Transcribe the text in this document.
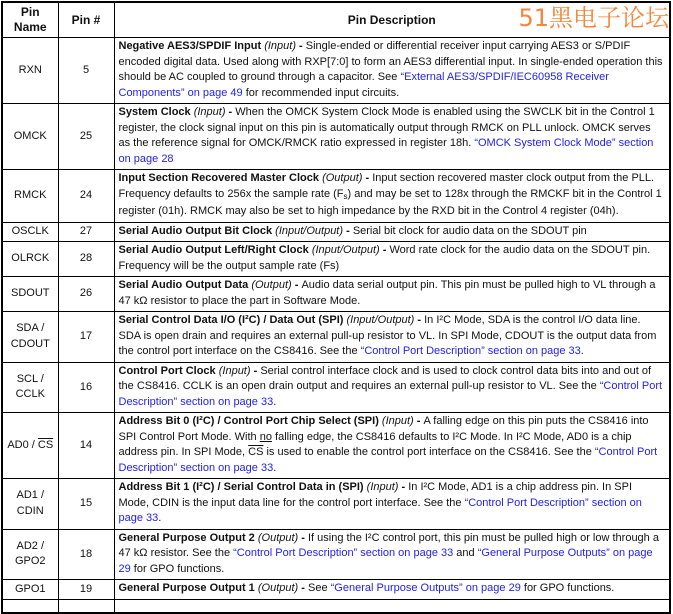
Pin
Name	Pin #	Pin Description
RXN	5	Negative AES3/SPDIF Input (Input) - Single-ended or differential receiver input carrying AES3 or S/PDIF encoded digital data. Used along with RXP[7:0] to form an AES3 differential input. In single-ended operation this should be AC coupled to ground through a capacitor. See “External AES3/SPDIF/IEC60958 Receiver Components” on page 49 for recommended input circuits.
OMCK	25	System Clock (Input) - When the OMCK System Clock Mode is enabled using the SWCLK bit in the Control 1 register, the clock signal input on this pin is automatically output through RMCK on PLL unlock. OMCK serves as the reference signal for OMCK/RMCK ratio expressed in register 18h. “OMCK System Clock Mode” section on page 28
RMCK	24	Input Section Recovered Master Clock (Output) - Input section recovered master clock output from the PLL. Frequency defaults to 256x the sample rate (Fs) and may be set to 128x through the RMCKF bit in the Control 1 register (01h). RMCK may also be set to high impedance by the RXD bit in the Control 4 register (04h).
OSCLK	27	Serial Audio Output Bit Clock (Input/Output) - Serial bit clock for audio data on the SDOUT pin
OLRCK	28	Serial Audio Output Left/Right Clock (Input/Output) - Word rate clock for the audio data on the SDOUT pin. Frequency will be the output sample rate (Fs)
SDOUT	26	Serial Audio Output Data (Output) - Audio data serial output pin. This pin must be pulled high to VL through a 47 kΩ resistor to place the part in Software Mode.
SDA /
CDOUT	17	Serial Control Data I/O (I²C) / Data Out (SPI) (Input/Output) - In I²C Mode, SDA is the control I/O data line. SDA is open drain and requires an external pull-up resistor to VL. In SPI Mode, CDOUT is the output data from the control port interface on the CS8416. See the “Control Port Description” section on page 33.
SCL /
CCLK	16	Control Port Clock (Input) - Serial control interface clock and is used to clock control data bits into and out of the CS8416. CCLK is an open drain output and requires an external pull-up resistor to VL. See the “Control Port Description” section on page 33.
$AD0 / \overline{CS}$	14	Address Bit 0 (I²C) / Control Port Chip Select (SPI) (Input) - A falling edge on this pin puts the CS8416 into SPI Control Port Mode. With no falling edge, the CS8416 defaults to I²C Mode. In I²C Mode, AD0 is a chip address pin. In SPI Mode, $\overline{CS}$ is used to enable the control port interface on the CS8416. See the “Control Port Description” section on page 33.
AD1 /
CDIN	15	Address Bit 1 (I²C) / Serial Control Data in (SPI) (Input) - In I²C Mode, AD1 is a chip address pin. In SPI Mode, CDIN is the input data line for the control port interface. See the “Control Port Description” section on page 33.
AD2 /
GPO2	18	General Purpose Output 2 (Output) - If using the I²C control port, this pin must be pulled high or low through a 47 kΩ resistor. See the “Control Port Description” section on page 33 and “General Purpose Outputs” on page 29 for GPO functions.
GPO1	19	General Purpose Output 1 (Output) - See “General Purpose Outputs” on page 29 for GPO functions.

51黑电子论坛
